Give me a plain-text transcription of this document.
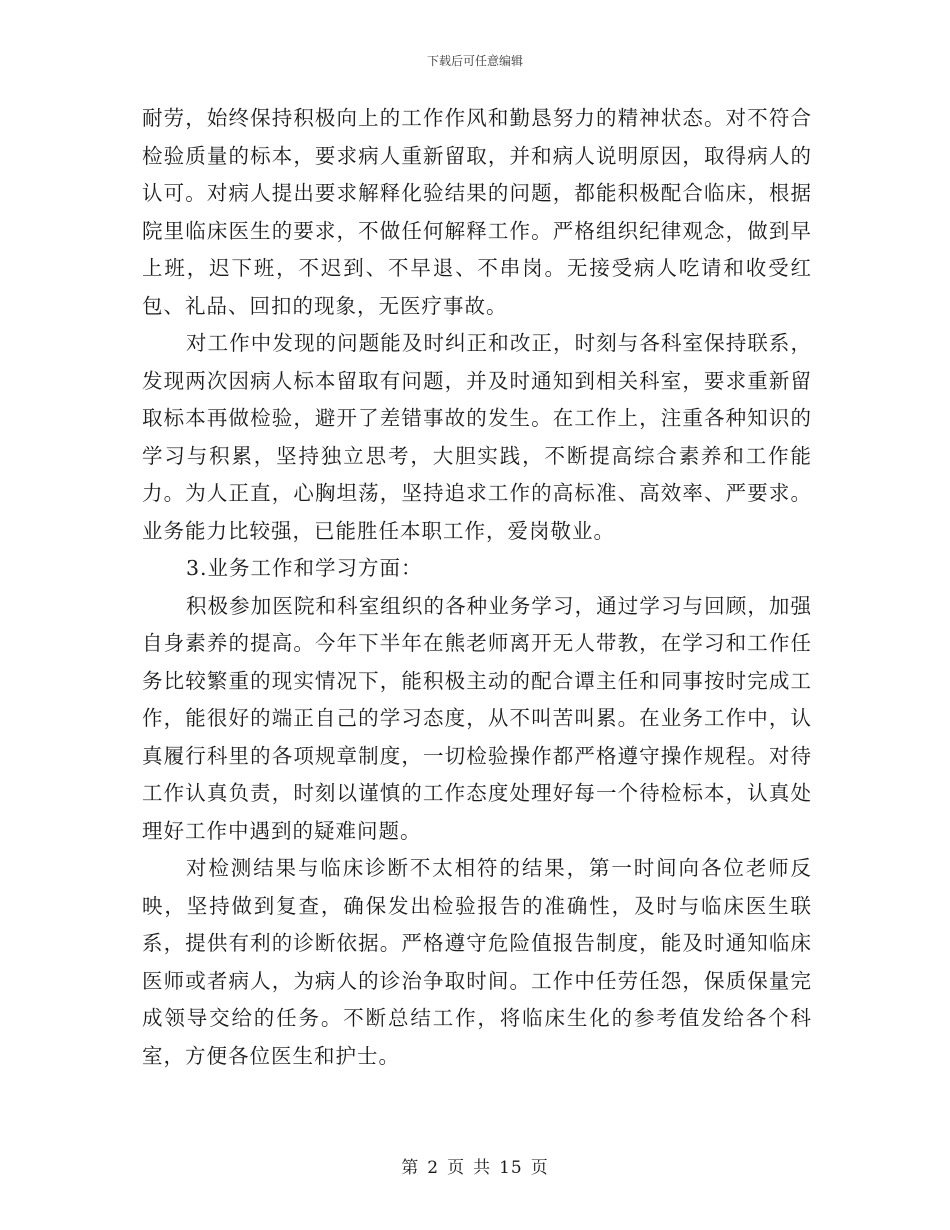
下载后可任意编辑

耐劳，始终保持积极向上的工作作风和勤恳努力的精神状态。对不符合检验质量的标本，要求病人重新留取，并和病人说明原因，取得病人的认可。对病人提出要求解释化验结果的问题，都能积极配合临床，根据院里临床医生的要求，不做任何解释工作。严格组织纪律观念，做到早上班，迟下班，不迟到、不早退、不串岗。无接受病人吃请和收受红包、礼品、回扣的现象，无医疗事故。

对工作中发现的问题能及时纠正和改正，时刻与各科室保持联系，发现两次因病人标本留取有问题，并及时通知到相关科室，要求重新留取标本再做检验，避开了差错事故的发生。在工作上，注重各种知识的学习与积累，坚持独立思考，大胆实践，不断提高综合素养和工作能力。为人正直，心胸坦荡，坚持追求工作的高标准、高效率、严要求。业务能力比较强，已能胜任本职工作，爱岗敬业。

3.业务工作和学习方面：

积极参加医院和科室组织的各种业务学习，通过学习与回顾，加强自身素养的提高。今年下半年在熊老师离开无人带教，在学习和工作任务比较繁重的现实情况下，能积极主动的配合谭主任和同事按时完成工作，能很好的端正自己的学习态度，从不叫苦叫累。在业务工作中，认真履行科里的各项规章制度，一切检验操作都严格遵守操作规程。对待工作认真负责，时刻以谨慎的工作态度处理好每一个待检标本，认真处理好工作中遇到的疑难问题。

对检测结果与临床诊断不太相符的结果，第一时间向各位老师反映，坚持做到复查，确保发出检验报告的准确性，及时与临床医生联系，提供有利的诊断依据。严格遵守危险值报告制度，能及时通知临床医师或者病人，为病人的诊治争取时间。工作中任劳任怨，保质保量完成领导交给的任务。不断总结工作，将临床生化的参考值发给各个科室，方便各位医生和护士。

第 2 页 共 15 页
